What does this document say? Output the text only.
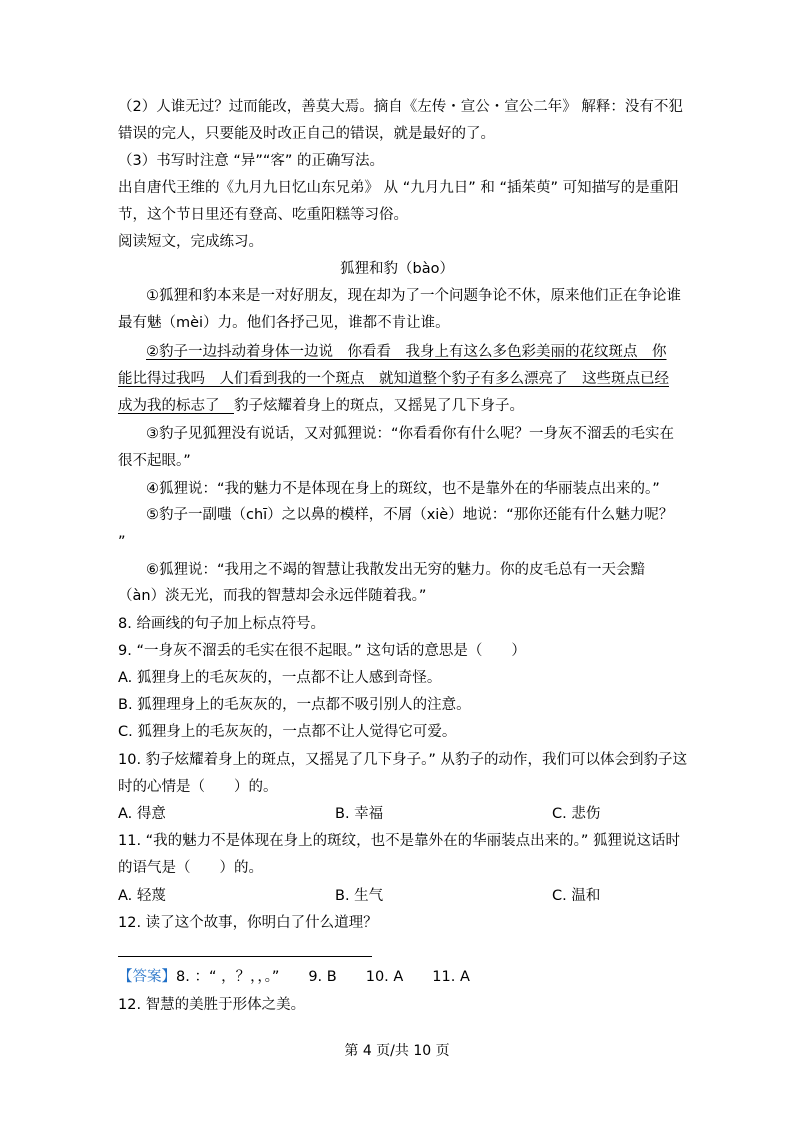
（2）人谁无过？过而能改，善莫大焉。摘自《左传・宣公・宣公二年》 解释：没有不犯
错误的完人，只要能及时改正自己的错误，就是最好的了。
（3）书写时注意 “异”“客” 的正确写法。
出自唐代王维的《九月九日忆山东兄弟》 从 “九月九日” 和 “插茱萸” 可知描写的是重阳
节，这个节日里还有登高、吃重阳糕等习俗。
阅读短文，完成练习。
狐狸和豹（bào）
①狐狸和豹本来是一对好朋友，现在却为了一个问题争论不休，原来他们正在争论谁
最有魅（mèi）力。他们各抒己见，谁都不肯让谁。
②豹子一边抖动着身体一边说　你看看　我身上有这么多色彩美丽的花纹斑点　你
能比得过我吗　人们看到我的一个斑点　就知道整个豹子有多么漂亮了　这些斑点已经
成为我的标志了　豹子炫耀着身上的斑点，又摇晃了几下身子。
③豹子见狐狸没有说话，又对狐狸说：“你看看你有什么呢？一身灰不溜丢的毛实在
很不起眼。”
④狐狸说：“我的魅力不是体现在身上的斑纹，也不是靠外在的华丽装点出来的。”
⑤豹子一副嗤（chī）之以鼻的模样，不屑（xiè）地说：“那你还能有什么魅力呢？
”
⑥狐狸说：“我用之不竭的智慧让我散发出无穷的魅力。你的皮毛总有一天会黯
（àn）淡无光，而我的智慧却会永远伴随着我。”
8. 给画线的句子加上标点符号。
9. “一身灰不溜丢的毛实在很不起眼。” 这句话的意思是（　　）
A. 狐狸身上的毛灰灰的，一点都不让人感到奇怪。
B. 狐狸理身上的毛灰灰的，一点都不吸引别人的注意。
C. 狐狸身上的毛灰灰的，一点都不让人觉得它可爱。
10. 豹子炫耀着身上的斑点，又摇晃了几下身子。” 从豹子的动作，我们可以体会到豹子这
时的心情是（　　）的。
A. 得意	B. 幸福	C. 悲伤
11. “我的魅力不是体现在身上的斑纹，也不是靠外在的华丽装点出来的。” 狐狸说这话时
的语气是（　　）的。
A. 轻蔑	B. 生气	C. 温和
12. 读了这个故事，你明白了什么道理？
【答案】8. ：“ ，？，，。”　　9. B　　10. A　　11. A
12. 智慧的美胜于形体之美。
第 4 页/共 10 页
